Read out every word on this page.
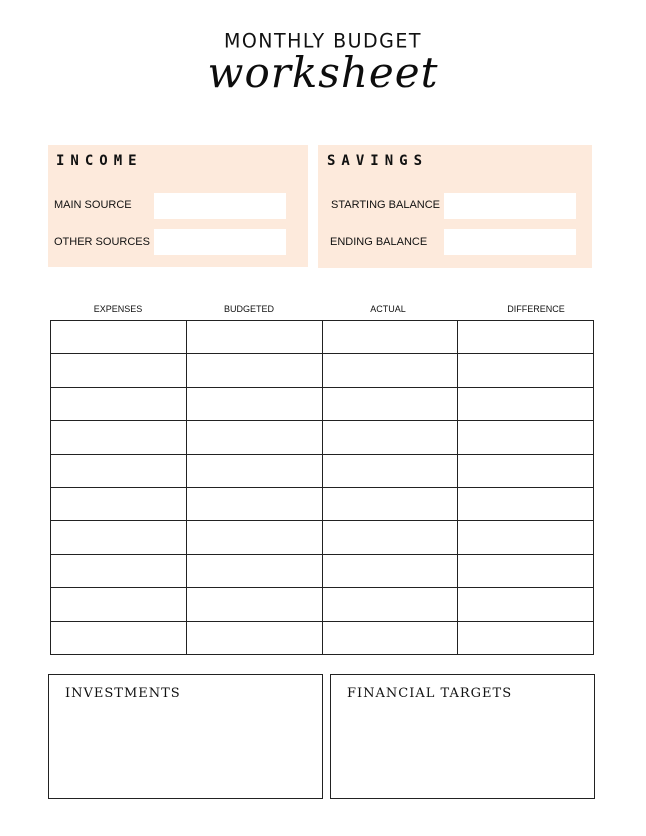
MONTHLY BUDGET
worksheet
INCOME
MAIN SOURCE
OTHER SOURCES
SAVINGS
STARTING BALANCE
ENDING BALANCE
EXPENSES	BUDGETED	ACTUAL	DIFFERENCE

INVESTMENTS	FINANCIAL TARGETS
